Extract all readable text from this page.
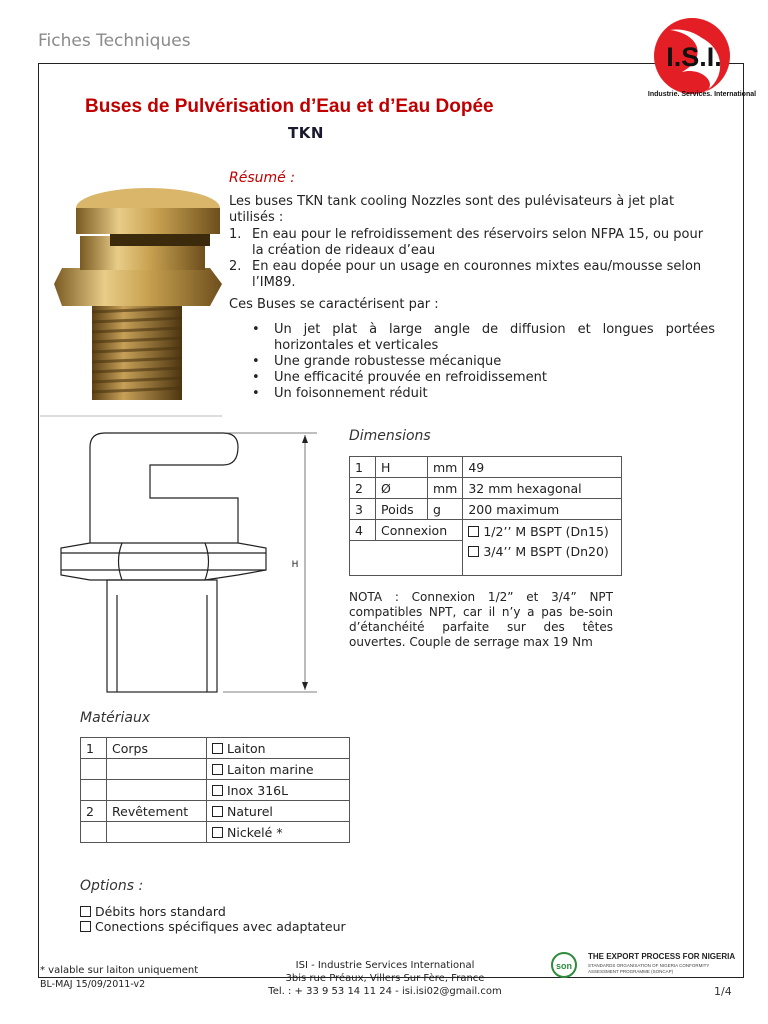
Fiches Techniques
I.S.I.
Industrie. Services. International
Buses de Pulvérisation d’Eau et d’Eau Dopée
TKN
Résumé :
Les buses TKN tank cooling Nozzles sont des pulévisateurs à jet plat utilisés :
1. En eau pour le refroidissement des réservoirs selon NFPA 15, ou pour la création de rideaux d’eau
2. En eau dopée pour un usage en couronnes mixtes eau/mousse selon l’IM89.
Ces Buses se caractérisent par :
• Un jet plat à large angle de diffusion et longues portées horizontales et verticales
• Une grande robustesse mécanique
• Une efficacité prouvée en refroidissement
• Un foisonnement réduit
H
Dimensions
1	H	mm	49
2	Ø	mm	32 mm hexagonal
3	Poids	g	200 maximum
4	Connexion		1/2’’ M BSPT (Dn15)
3/4’’ M BSPT (Dn20)

NOTA : Connexion 1/2” et 3/4” NPT compatibles NPT, car il n’y a pas be-soin d’étanchéité parfaite sur des têtes ouvertes. Couple de serrage max 19 Nm
Matériaux
1	Corps	Laiton
		Laiton marine
		Inox 316L
2	Revêtement	Naturel
		Nickelé *
Options :
Débits hors standard
Conections spécifiques avec adaptateur
* valable sur laiton uniquement
BL-MAJ 15/09/2011-v2
ISI - Industrie Services International
3bis rue Préaux, Villers Sur Fère, France
Tel. : + 33 9 53 14 11 24 - isi.isi02@gmail.com
son
THE EXPORT PROCESS FOR NIGERIA
STANDARDS ORGANISATION OF NIGERIA CONFORMITY
ASSESSMENT PROGRAMME (SONCAP)
1/4
